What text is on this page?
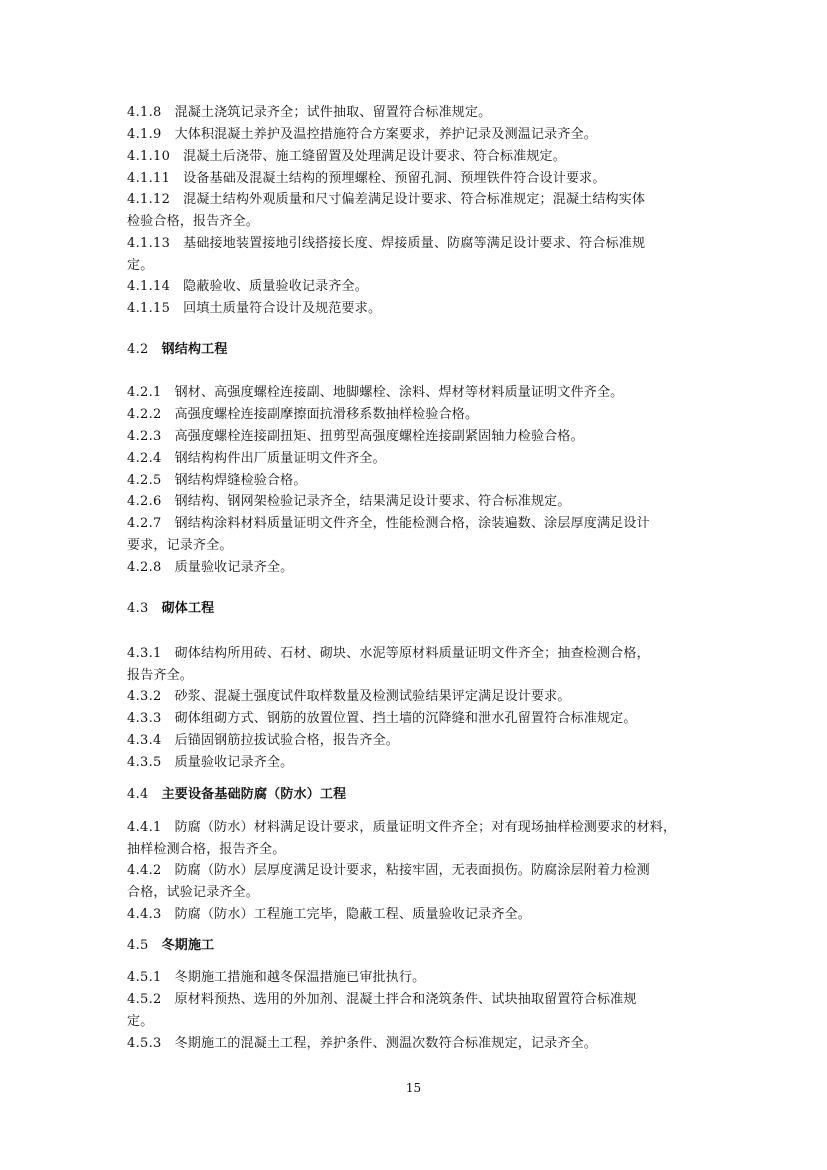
4.1.8 混凝土浇筑记录齐全；试件抽取、留置符合标准规定。
4.1.9 大体积混凝土养护及温控措施符合方案要求，养护记录及测温记录齐全。
4.1.10 混凝土后浇带、施工缝留置及处理满足设计要求、符合标准规定。
4.1.11 设备基础及混凝土结构的预埋螺栓、预留孔洞、预埋铁件符合设计要求。
4.1.12 混凝土结构外观质量和尺寸偏差满足设计要求、符合标准规定；混凝土结构实体
检验合格，报告齐全。
4.1.13 基础接地装置接地引线搭接长度、焊接质量、防腐等满足设计要求、符合标准规
定。
4.1.14 隐蔽验收、质量验收记录齐全。
4.1.15 回填土质量符合设计及规范要求。
4.2 钢结构工程
4.2.1 钢材、高强度螺栓连接副、地脚螺栓、涂料、焊材等材料质量证明文件齐全。
4.2.2 高强度螺栓连接副摩擦面抗滑移系数抽样检验合格。
4.2.3 高强度螺栓连接副扭矩、扭剪型高强度螺栓连接副紧固轴力检验合格。
4.2.4 钢结构构件出厂质量证明文件齐全。
4.2.5 钢结构焊缝检验合格。
4.2.6 钢结构、钢网架检验记录齐全，结果满足设计要求、符合标准规定。
4.2.7 钢结构涂料材料质量证明文件齐全，性能检测合格，涂装遍数、涂层厚度满足设计
要求，记录齐全。
4.2.8 质量验收记录齐全。
4.3 砌体工程
4.3.1 砌体结构所用砖、石材、砌块、水泥等原材料质量证明文件齐全；抽查检测合格，
报告齐全。
4.3.2 砂浆、混凝土强度试件取样数量及检测试验结果评定满足设计要求。
4.3.3 砌体组砌方式、钢筋的放置位置、挡土墙的沉降缝和泄水孔留置符合标准规定。
4.3.4 后锚固钢筋拉拔试验合格，报告齐全。
4.3.5 质量验收记录齐全。
4.4 主要设备基础防腐（防水）工程
4.4.1 防腐（防水）材料满足设计要求，质量证明文件齐全；对有现场抽样检测要求的材料，
抽样检测合格，报告齐全。
4.4.2 防腐（防水）层厚度满足设计要求，粘接牢固，无表面损伤。防腐涂层附着力检测
合格，试验记录齐全。
4.4.3 防腐（防水）工程施工完毕，隐蔽工程、质量验收记录齐全。
4.5 冬期施工
4.5.1 冬期施工措施和越冬保温措施已审批执行。
4.5.2 原材料预热、选用的外加剂、混凝土拌合和浇筑条件、试块抽取留置符合标准规
定。
4.5.3 冬期施工的混凝土工程，养护条件、测温次数符合标准规定，记录齐全。
15
